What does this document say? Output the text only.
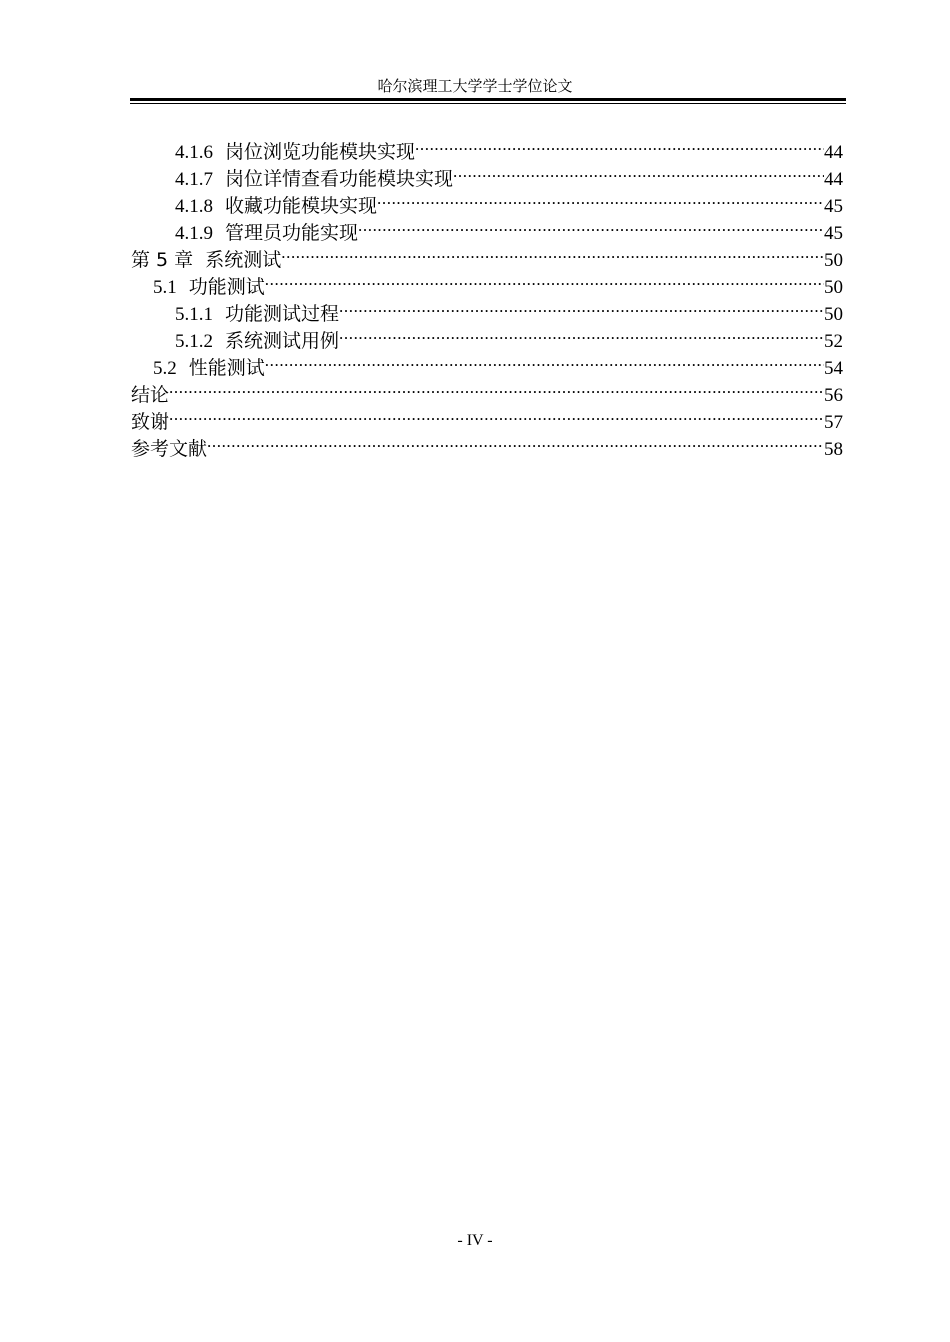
哈尔滨理工大学学士学位论文
4.1.6 岗位浏览功能模块实现 .....	44
4.1.7 岗位详情查看功能模块实现 .....	44
4.1.8 收藏功能模块实现 .....	45
4.1.9 管理员功能实现 .....	45
第 5 章  系统测试 .....	50
5.1 功能测试 .....	50
5.1.1 功能测试过程 .....	50
5.1.2 系统测试用例 .....	52
5.2 性能测试 .....	54
结论 .....	56
致谢 .....	57
参考文献 .....	58
- IV -
